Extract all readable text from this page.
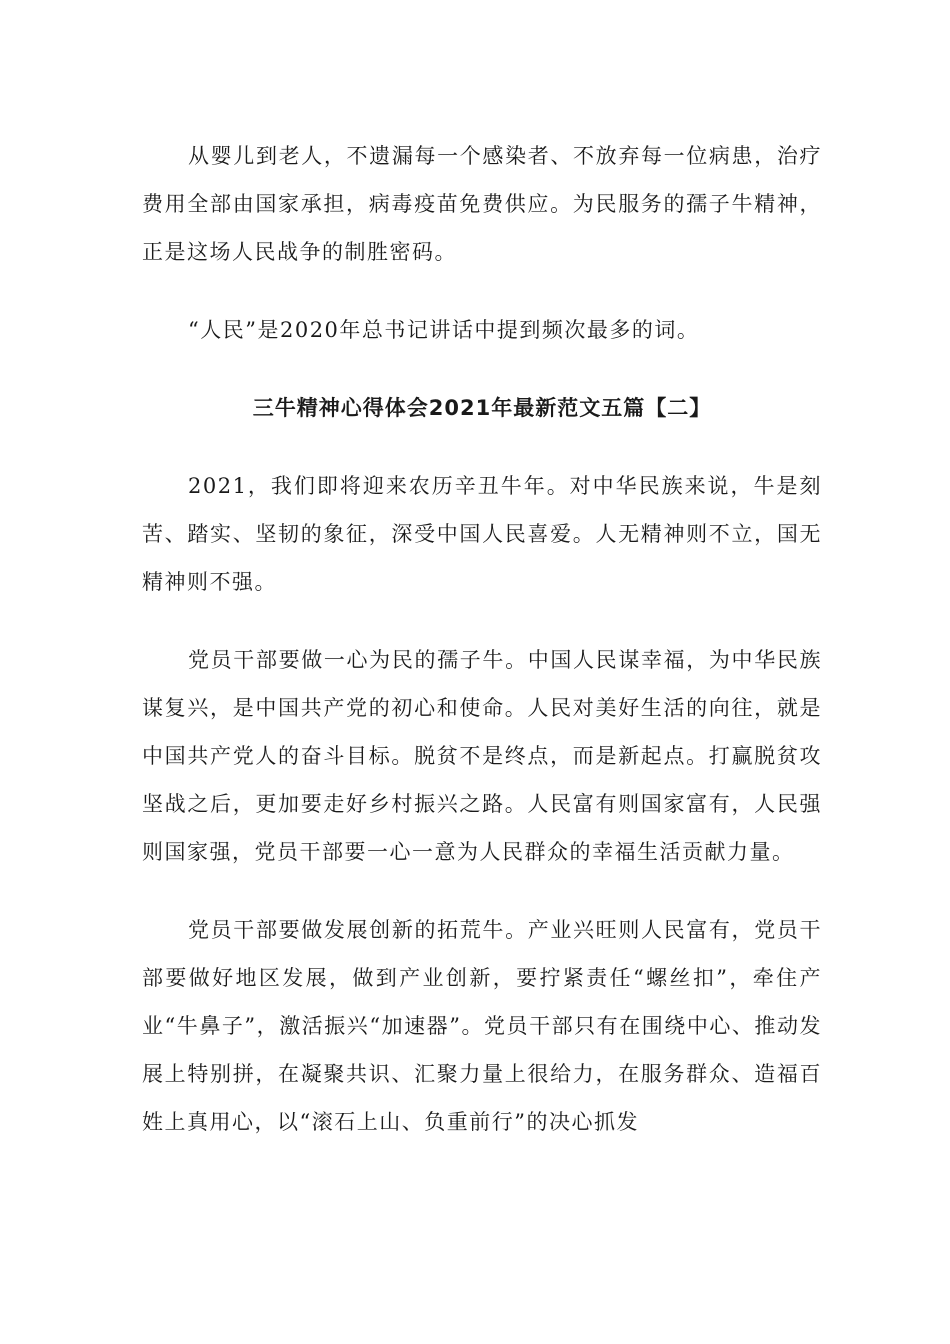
从婴儿到老人，不遗漏每一个感染者、不放弃每一位病患，治疗费用全部由国家承担，病毒疫苗免费供应。为民服务的孺子牛精神，正是这场人民战争的制胜密码。

“人民”是2020年总书记讲话中提到频次最多的词。

三牛精神心得体会2021年最新范文五篇【二】

2021，我们即将迎来农历辛丑牛年。对中华民族来说，牛是刻苦、踏实、坚韧的象征，深受中国人民喜爱。人无精神则不立，国无精神则不强。

党员干部要做一心为民的孺子牛。中国人民谋幸福，为中华民族谋复兴，是中国共产党的初心和使命。人民对美好生活的向往，就是中国共产党人的奋斗目标。脱贫不是终点，而是新起点。打赢脱贫攻坚战之后，更加要走好乡村振兴之路。人民富有则国家富有，人民强则国家强，党员干部要一心一意为人民群众的幸福生活贡献力量。

党员干部要做发展创新的拓荒牛。产业兴旺则人民富有，党员干部要做好地区发展，做到产业创新，要拧紧责任“螺丝扣”，牵住产业“牛鼻子”，激活振兴“加速器”。党员干部只有在围绕中心、推动发展上特别拼，在凝聚共识、汇聚力量上很给力，在服务群众、造福百姓上真用心，以“滚石上山、负重前行”的决心抓发
